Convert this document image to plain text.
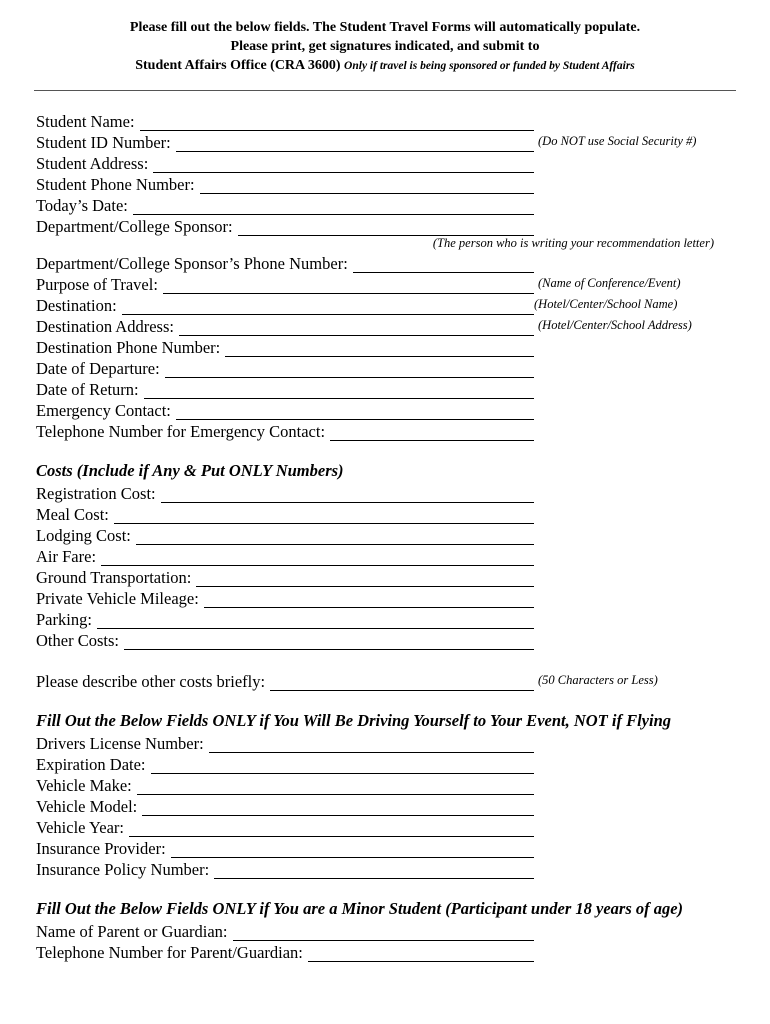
Please fill out the below fields. The Student Travel Forms will automatically populate.
Please print, get signatures indicated, and submit to
Student Affairs Office (CRA 3600) Only if travel is being sponsored or funded by Student Affairs
Student Name:
Student ID Number:	(Do NOT use Social Security #)
Student Address:
Student Phone Number:
Today’s Date:
Department/College Sponsor:
(The person who is writing your recommendation letter)
Department/College Sponsor’s Phone Number:
Purpose of Travel:	(Name of Conference/Event)
Destination:	(Hotel/Center/School Name)
Destination Address:	(Hotel/Center/School Address)
Destination Phone Number:
Date of Departure:
Date of Return:
Emergency Contact:
Telephone Number for Emergency Contact:
Costs (Include if Any & Put ONLY Numbers)
Registration Cost:
Meal Cost:
Lodging Cost:
Air Fare:
Ground Transportation:
Private Vehicle Mileage:
Parking:
Other Costs:
Please describe other costs briefly:	(50 Characters or Less)
Fill Out the Below Fields ONLY if You Will Be Driving Yourself to Your Event, NOT if Flying
Drivers License Number:
Expiration Date:
Vehicle Make:
Vehicle Model:
Vehicle Year:
Insurance Provider:
Insurance Policy Number:
Fill Out the Below Fields ONLY if You are a Minor Student (Participant under 18 years of age)
Name of Parent or Guardian:
Telephone Number for Parent/Guardian:
